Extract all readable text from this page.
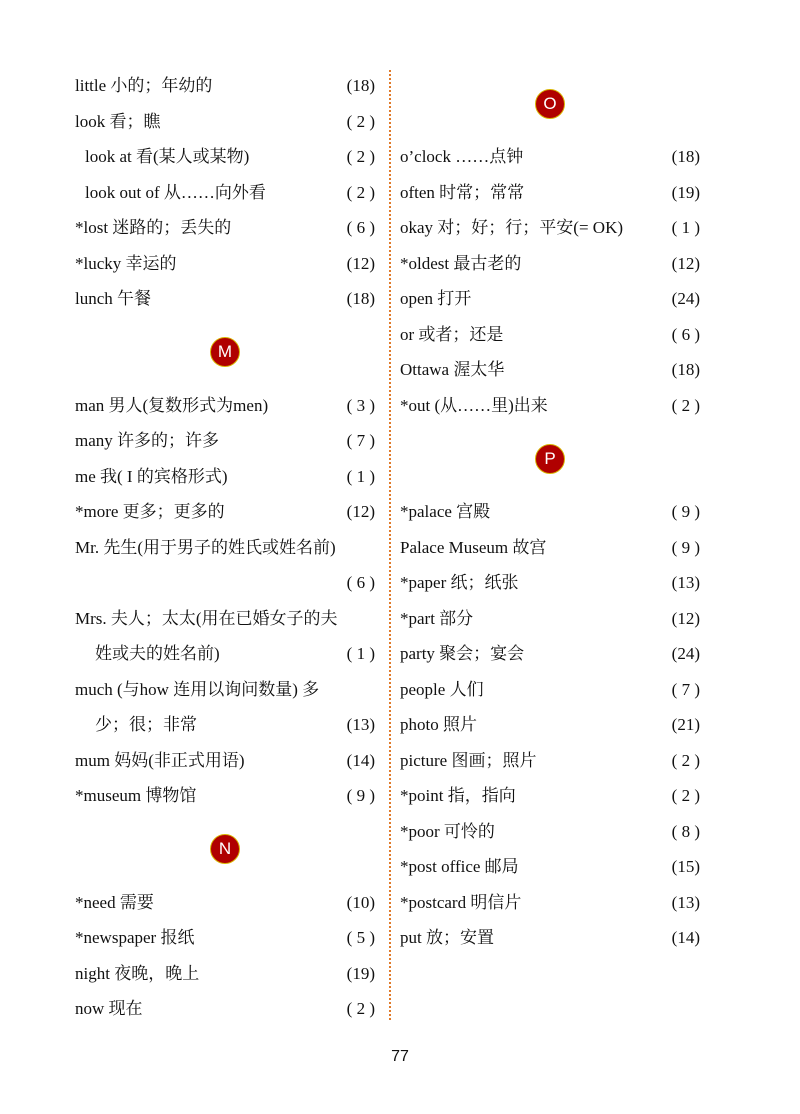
little 小的；年幼的	(18)
look 看；瞧	( 2 )
look at 看(某人或某物)	( 2 )
look out of 从……向外看	( 2 )
*lost 迷路的；丢失的	( 6 )
*lucky 幸运的	(12)
lunch 午餐	(18)
M
man 男人(复数形式为men)	( 3 )
many 许多的；许多	( 7 )
me 我( I 的宾格形式)	( 1 )
*more 更多；更多的	(12)
Mr. 先生(用于男子的姓氏或姓名前)
( 6 )
Mrs. 夫人；太太(用在已婚女子的夫
姓或夫的姓名前)	( 1 )
much (与how 连用以询问数量) 多
少；很；非常	(13)
mum 妈妈(非正式用语)	(14)
*museum 博物馆	( 9 )
N
*need 需要	(10)
*newspaper 报纸	( 5 )
night 夜晚，晚上	(19)
now 现在	( 2 )
O
o’clock ……点钟	(18)
often 时常；常常	(19)
okay 对；好；行；平安(= OK)	( 1 )
*oldest 最古老的	(12)
open 打开	(24)
or 或者；还是	( 6 )
Ottawa 渥太华	(18)
*out (从……里)出来	( 2 )
P
*palace 宫殿	( 9 )
Palace Museum 故宫	( 9 )
*paper 纸；纸张	(13)
*part 部分	(12)
party 聚会；宴会	(24)
people 人们	( 7 )
photo 照片	(21)
picture 图画；照片	( 2 )
*point 指，指向	( 2 )
*poor 可怜的	( 8 )
*post office 邮局	(15)
*postcard 明信片	(13)
put 放；安置	(14)
77
